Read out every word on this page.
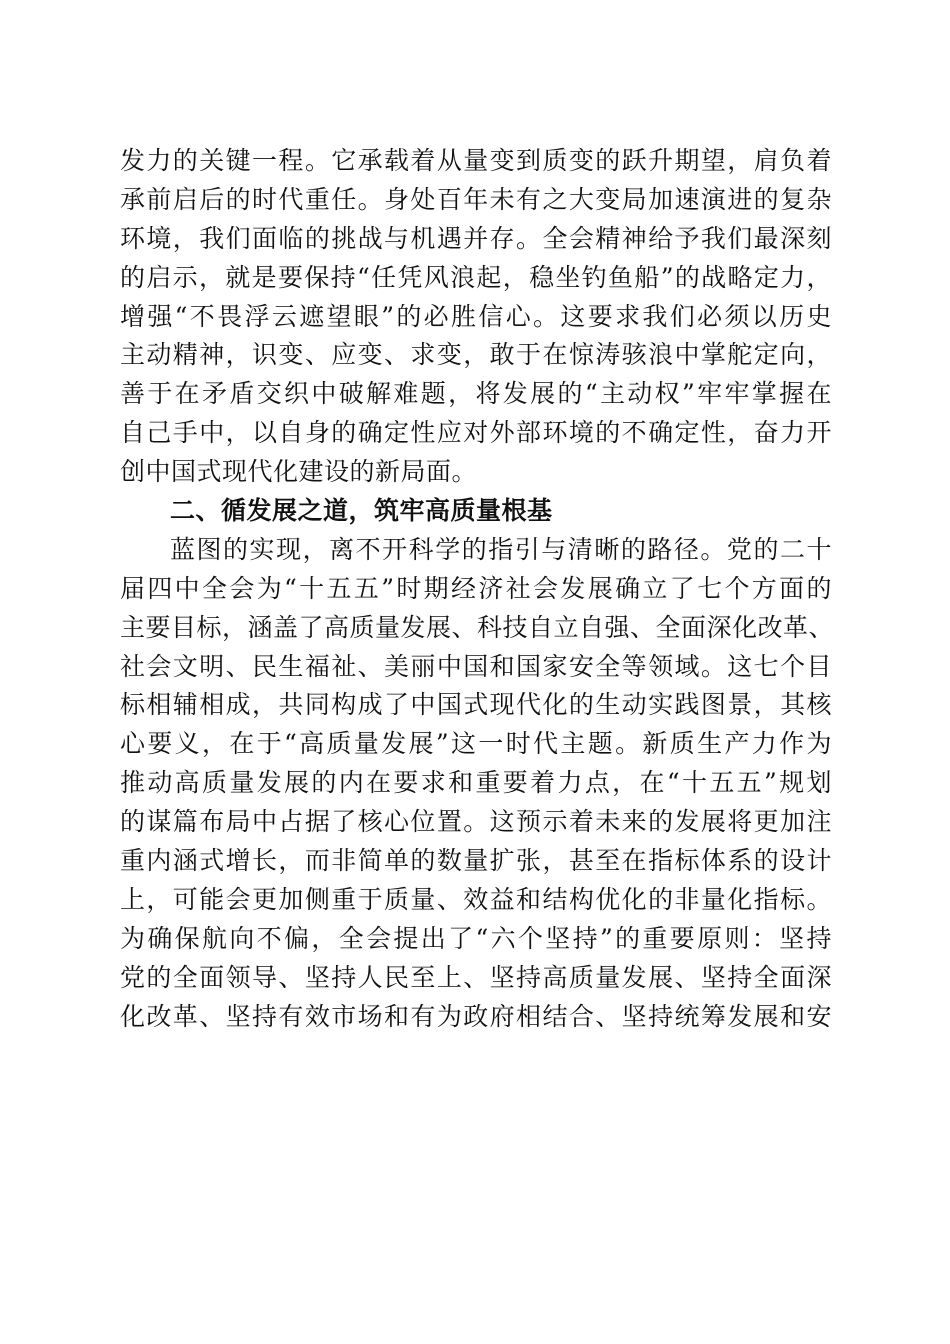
发力的关键一程。它承载着从量变到质变的跃升期望，肩负着
承前启后的时代重任。身处百年未有之大变局加速演进的复杂
环境，我们面临的挑战与机遇并存。全会精神给予我们最深刻
的启示，就是要保持“任凭风浪起，稳坐钓鱼船”的战略定力，
增强“不畏浮云遮望眼”的必胜信心。这要求我们必须以历史
主动精神，识变、应变、求变，敢于在惊涛骇浪中掌舵定向，
善于在矛盾交织中破解难题，将发展的“主动权”牢牢掌握在
自己手中，以自身的确定性应对外部环境的不确定性，奋力开
创中国式现代化建设的新局面。
二、循发展之道，筑牢高质量根基
蓝图的实现，离不开科学的指引与清晰的路径。党的二十
届四中全会为“十五五”时期经济社会发展确立了七个方面的
主要目标，涵盖了高质量发展、科技自立自强、全面深化改革、
社会文明、民生福祉、美丽中国和国家安全等领域。这七个目
标相辅相成，共同构成了中国式现代化的生动实践图景，其核
心要义，在于“高质量发展”这一时代主题。新质生产力作为
推动高质量发展的内在要求和重要着力点，在“十五五”规划
的谋篇布局中占据了核心位置。这预示着未来的发展将更加注
重内涵式增长，而非简单的数量扩张，甚至在指标体系的设计
上，可能会更加侧重于质量、效益和结构优化的非量化指标。
为确保航向不偏，全会提出了“六个坚持”的重要原则：坚持
党的全面领导、坚持人民至上、坚持高质量发展、坚持全面深
化改革、坚持有效市场和有为政府相结合、坚持统筹发展和安
